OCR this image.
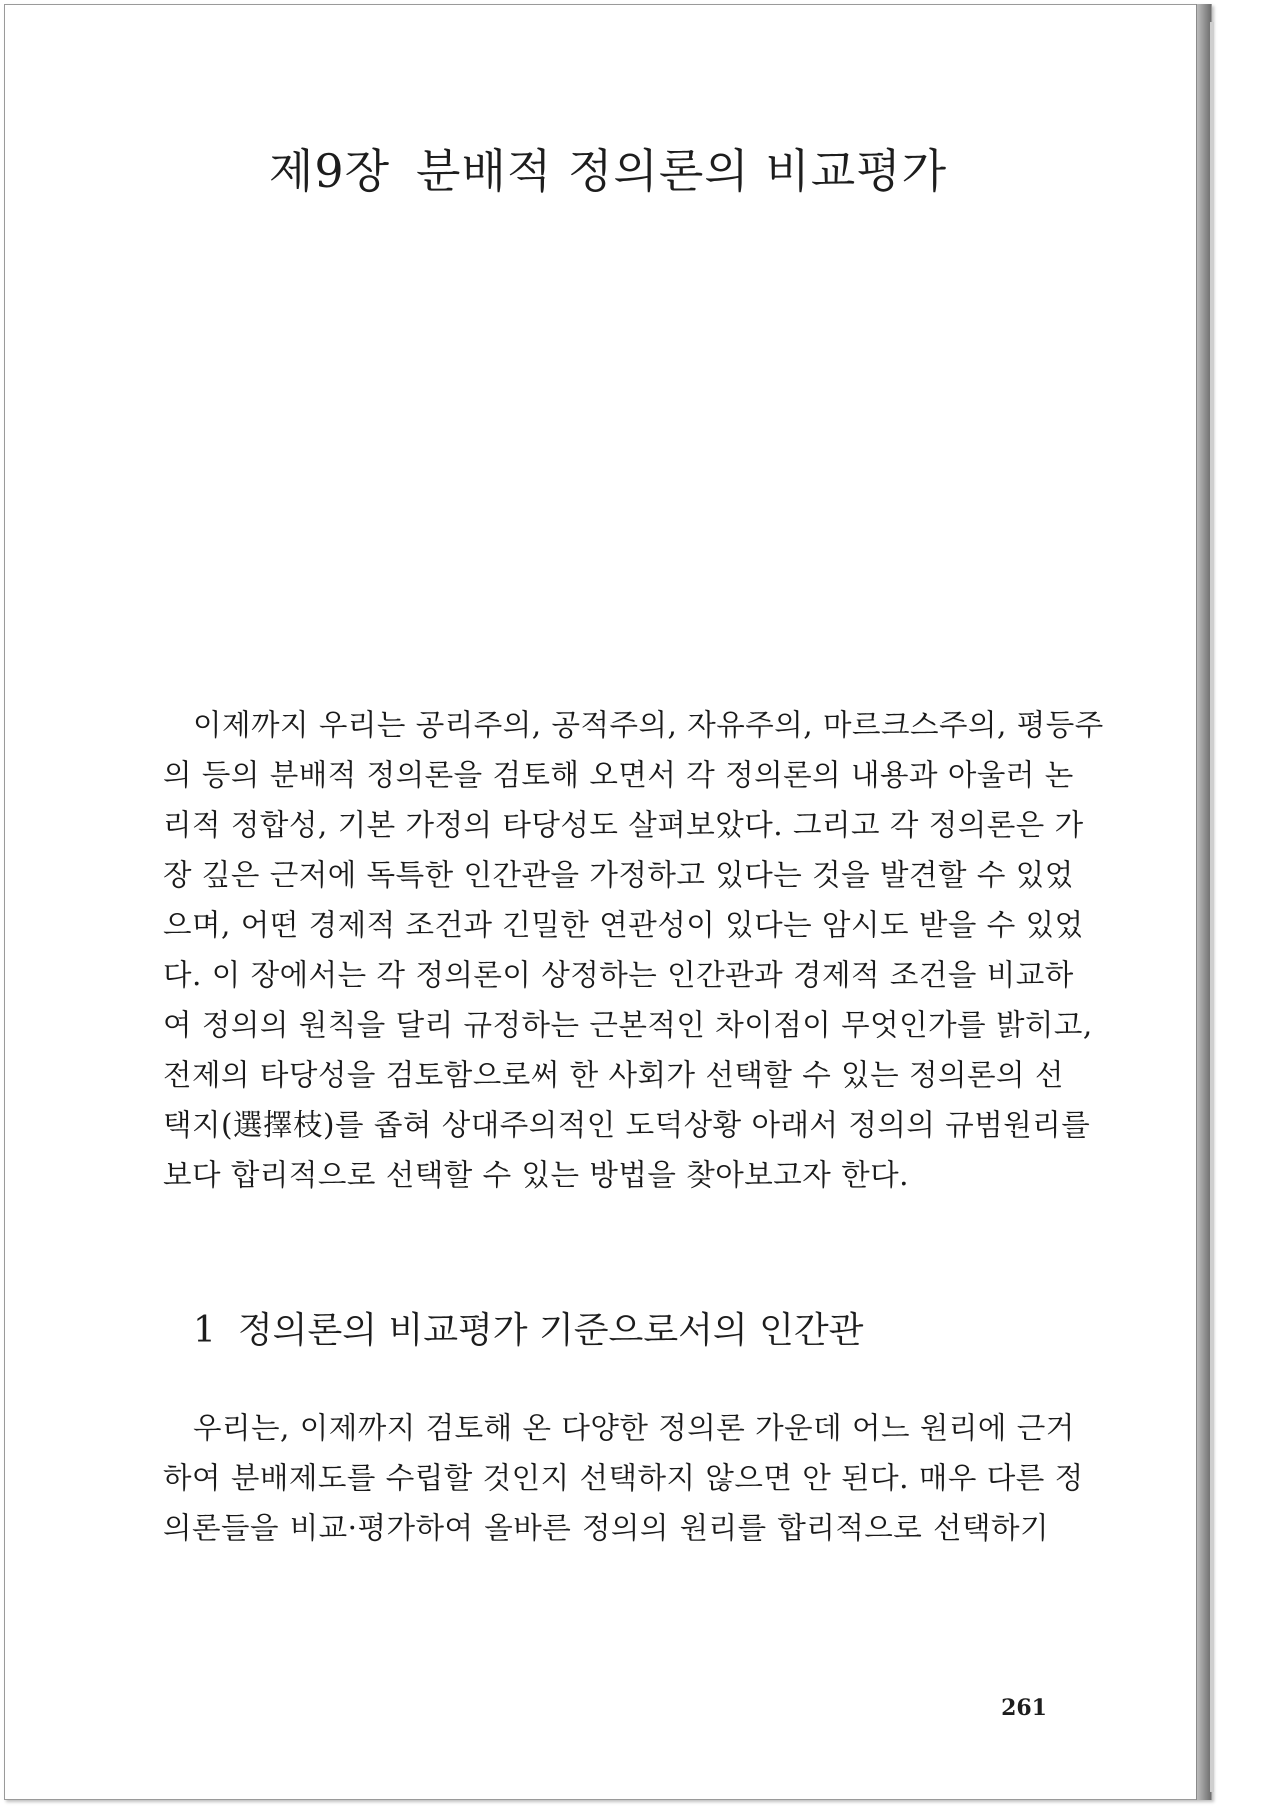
제9장 분배적 정의론의 비교평가

이제까지 우리는 공리주의, 공적주의, 자유주의, 마르크스주의, 평등주
의 등의 분배적 정의론을 검토해 오면서 각 정의론의 내용과 아울러 논
리적 정합성, 기본 가정의 타당성도 살펴보았다. 그리고 각 정의론은 가
장 깊은 근저에 독특한 인간관을 가정하고 있다는 것을 발견할 수 있었
으며, 어떤 경제적 조건과 긴밀한 연관성이 있다는 암시도 받을 수 있었
다. 이 장에서는 각 정의론이 상정하는 인간관과 경제적 조건을 비교하
여 정의의 원칙을 달리 규정하는 근본적인 차이점이 무엇인가를 밝히고,
전제의 타당성을 검토함으로써 한 사회가 선택할 수 있는 정의론의 선
택지(選擇枝)를 좁혀 상대주의적인 도덕상황 아래서 정의의 규범원리를
보다 합리적으로 선택할 수 있는 방법을 찾아보고자 한다.

1 정의론의 비교평가 기준으로서의 인간관

우리는, 이제까지 검토해 온 다양한 정의론 가운데 어느 원리에 근거
하여 분배제도를 수립할 것인지 선택하지 않으면 안 된다. 매우 다른 정
의론들을 비교·평가하여 올바른 정의의 원리를 합리적으로 선택하기

261
